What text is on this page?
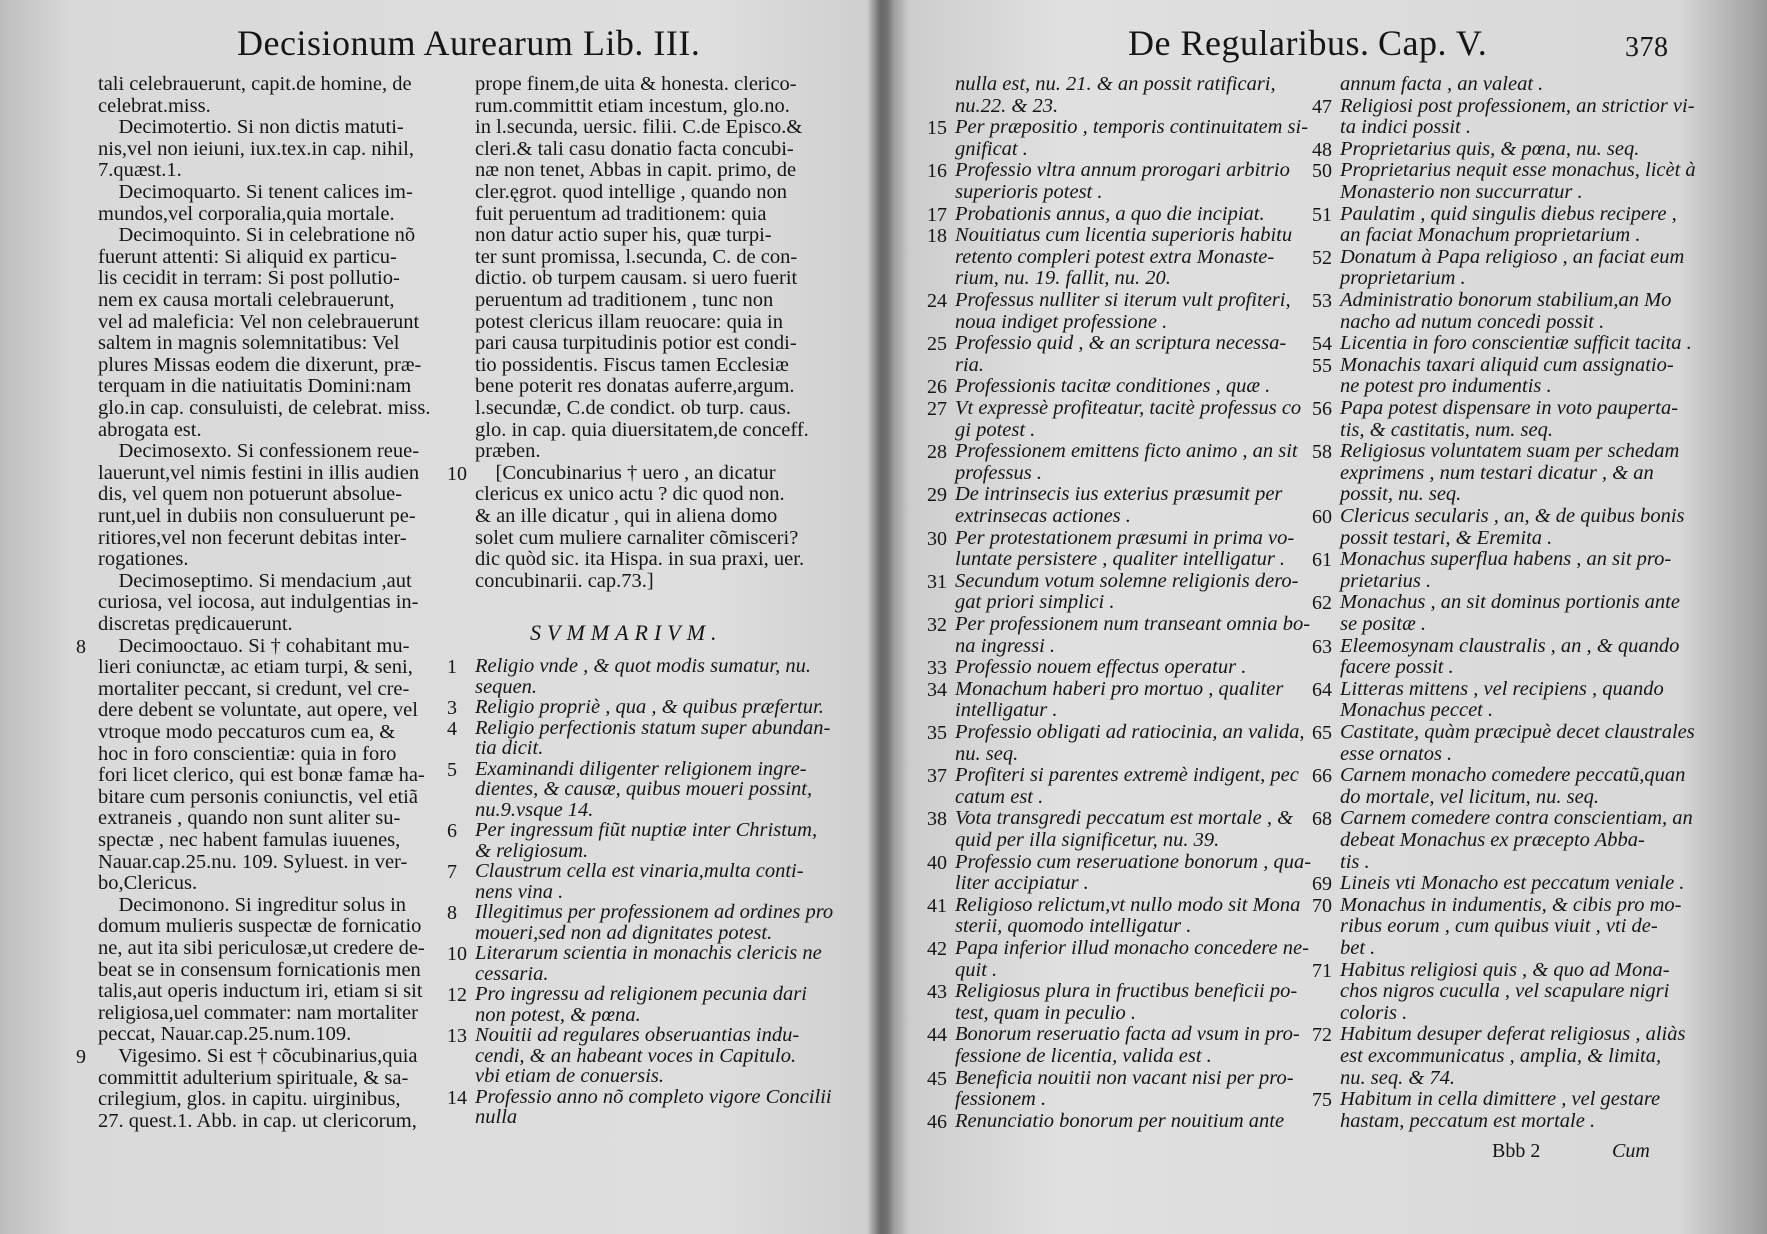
Decisionum Aurearum Lib. III.
tali celebrauerunt, capit.de homine, de
celebrat.miss.
Decimotertio. Si non dictis matuti-
nis,vel non ieiuni, iux.tex.in cap. nihil,
7.quæst.1.
Decimoquarto. Si tenent calices im-
mundos,vel corporalia,quia mortale.
Decimoquinto. Si in celebratione nõ
fuerunt attenti: Si aliquid ex particu-
lis cecidit in terram: Si post pollutio-
nem ex causa mortali celebrauerunt,
vel ad maleficia: Vel non celebrauerunt
saltem in magnis solemnitatibus: Vel
plures Missas eodem die dixerunt, præ-
terquam in die natiuitatis Domini:nam
glo.in cap. consuluisti, de celebrat. miss.
abrogata est.
Decimosexto. Si confessionem reue-
lauerunt,vel nimis festini in illis audien
dis, vel quem non potuerunt absolue-
runt,uel in dubiis non consuluerunt pe-
ritiores,vel non fecerunt debitas inter-
rogationes.
Decimoseptimo. Si mendacium ,aut
curiosa, vel iocosa, aut indulgentias in-
discretas prędicauerunt.
Decimooctauo. Si † cohabitant mu-
8
lieri coniunctæ, ac etiam turpi, & seni,
mortaliter peccant, si credunt, vel cre-
dere debent se voluntate, aut opere, vel
vtroque modo peccaturos cum ea, &
hoc in foro conscientiæ: quia in foro
fori licet clerico, qui est bonæ famæ ha-
bitare cum personis coniunctis, vel etiã
extraneis , quando non sunt aliter su-
spectæ , nec habent famulas iuuenes,
Nauar.cap.25.nu. 109. Syluest. in ver-
bo,Clericus.
Decimonono. Si ingreditur solus in
domum mulieris suspectæ de fornicatio
ne, aut ita sibi periculosæ,ut credere de-
beat se in consensum fornicationis men
talis,aut operis inductum iri, etiam si sit
religiosa,uel commater: nam mortaliter
peccat, Nauar.cap.25.num.109.
Vigesimo. Si est † cõcubinarius,quia
9
committit adulterium spirituale, & sa-
crilegium, glos. in capitu. uirginibus,
27. quest.1. Abb. in cap. ut clericorum,
prope finem,de uita & honesta. clerico-
rum.committit etiam incestum, glo.no.
in l.secunda, uersic. filii. C.de Episco.&
cleri.& tali casu donatio facta concubi-
næ non tenet, Abbas in capit. primo, de
cler.ęgrot. quod intellige , quando non
fuit peruentum ad traditionem: quia
non datur actio super his, quæ turpi-
ter sunt promissa, l.secunda, C. de con-
dictio. ob turpem causam. si uero fuerit
peruentum ad traditionem , tunc non
potest clericus illam reuocare: quia in
pari causa turpitudinis potior est condi-
tio possidentis. Fiscus tamen Ecclesiæ
bene poterit res donatas auferre,argum.
l.secundæ, C.de condict. ob turp. caus.
glo. in cap. quia diuersitatem,de conceff.
præben.
[Concubinarius † uero , an dicatur
10
clericus ex unico actu ? dic quod non.
& an ille dicatur , qui in aliena domo
solet cum muliere carnaliter cõmisceri?
dic quòd sic. ita Hispa. in sua praxi, uer.
concubinarii. cap.73.]
SVMMARIVM.
Religio vnde , & quot modis sumatur, nu.
1
sequen.
Religio propriè , qua , & quibus præfertur.
3
Religio perfectionis statum super abundan-
4
tia dicit.
Examinandi diligenter religionem ingre-
5
dientes, & causæ, quibus moueri possint,
nu.9.vsque 14.
Per ingressum fiũt nuptiæ inter Christum,
6
& religiosum.
Claustrum cella est vinaria,multa conti-
7
nens vina .
Illegitimus per professionem ad ordines pro
8
moueri,sed non ad dignitates potest.
Literarum scientia in monachis clericis ne
10
cessaria.
Pro ingressu ad religionem pecunia dari
12
non potest, & pœna.
Nouitii ad regulares obseruantias indu-
13
cendi, & an habeant voces in Capitulo.
vbi etiam de conuersis.
Professio anno nõ completo vigore Concilii
14
nulla
De Regularibus. Cap. V.	378
nulla est, nu. 21. & an possit ratificari,
nu.22. & 23.
Per præpositio , temporis continuitatem si-
15
gnificat .
Professio vltra annum prorogari arbitrio
16
superioris potest .
Probationis annus, a quo die incipiat.
17
Nouitiatus cum licentia superioris habitu
18
retento compleri potest extra Monaste-
rium, nu. 19. fallit, nu. 20.
Professus nulliter si iterum vult profiteri,
24
noua indiget professione .
Professio quid , & an scriptura necessa-
25
ria.
Professionis tacitæ conditiones , quæ .
26
Vt expressè profiteatur, tacitè professus co
27
gi potest .
Professionem emittens ficto animo , an sit
28
professus .
De intrinsecis ius exterius præsumit per
29
extrinsecas actiones .
Per protestationem præsumi in prima vo-
30
luntate persistere , qualiter intelligatur .
Secundum votum solemne religionis dero-
31
gat priori simplici .
Per professionem num transeant omnia bo-
32
na ingressi .
Professio nouem effectus operatur .
33
Monachum haberi pro mortuo , qualiter
34
intelligatur .
Professio obligati ad ratiocinia, an valida,
35
nu. seq.
Profiteri si parentes extremè indigent, pec
37
catum est .
Vota transgredi peccatum est mortale , &
38
quid per illa significetur, nu. 39.
Professio cum reseruatione bonorum , qua-
40
liter accipiatur .
Religioso relictum,vt nullo modo sit Mona
41
sterii, quomodo intelligatur .
Papa inferior illud monacho concedere ne-
42
quit .
Religiosus plura in fructibus beneficii po-
43
test, quam in peculio .
Bonorum reseruatio facta ad vsum in pro-
44
fessione de licentia, valida est .
Beneficia nouitii non vacant nisi per pro-
45
fessionem .
Renunciatio bonorum per nouitium ante
46
annum facta , an valeat .
Religiosi post professionem, an strictior vi-
47
ta indici possit .
Proprietarius quis, & pœna, nu. seq.
48
Proprietarius nequit esse monachus, licèt à
50
Monasterio non succurratur .
Paulatim , quid singulis diebus recipere ,
51
an faciat Monachum proprietarium .
Donatum à Papa religioso , an faciat eum
52
proprietarium .
Administratio bonorum stabilium,an Mo
53
nacho ad nutum concedi possit .
Licentia in foro conscientiæ sufficit tacita .
54
Monachis taxari aliquid cum assignatio-
55
ne potest pro indumentis .
Papa potest dispensare in voto pauperta-
56
tis, & castitatis, num. seq.
Religiosus voluntatem suam per schedam
58
exprimens , num testari dicatur , & an
possit, nu. seq.
Clericus secularis , an, & de quibus bonis
60
possit testari, & Eremita .
Monachus superflua habens , an sit pro-
61
prietarius .
Monachus , an sit dominus portionis ante
62
se positæ .
Eleemosynam claustralis , an , & quando
63
facere possit .
Litteras mittens , vel recipiens , quando
64
Monachus peccet .
Castitate, quàm præcipuè decet claustrales
65
esse ornatos .
Carnem monacho comedere peccatũ,quan
66
do mortale, vel licitum, nu. seq.
Carnem comedere contra conscientiam, an
68
debeat Monachus ex præcepto Abba-
tis .
Lineis vti Monacho est peccatum veniale .
69
Monachus in indumentis, & cibis pro mo-
70
ribus eorum , cum quibus viuit , vti de-
bet .
Habitus religiosi quis , & quo ad Mona-
71
chos nigros cuculla , vel scapulare nigri
coloris .
Habitum desuper deferat religiosus , aliàs
72
est excommunicatus , amplia, & limita,
nu. seq. & 74.
Habitum in cella dimittere , vel gestare
75
hastam, peccatum est mortale .
Bbb 2	Cum
